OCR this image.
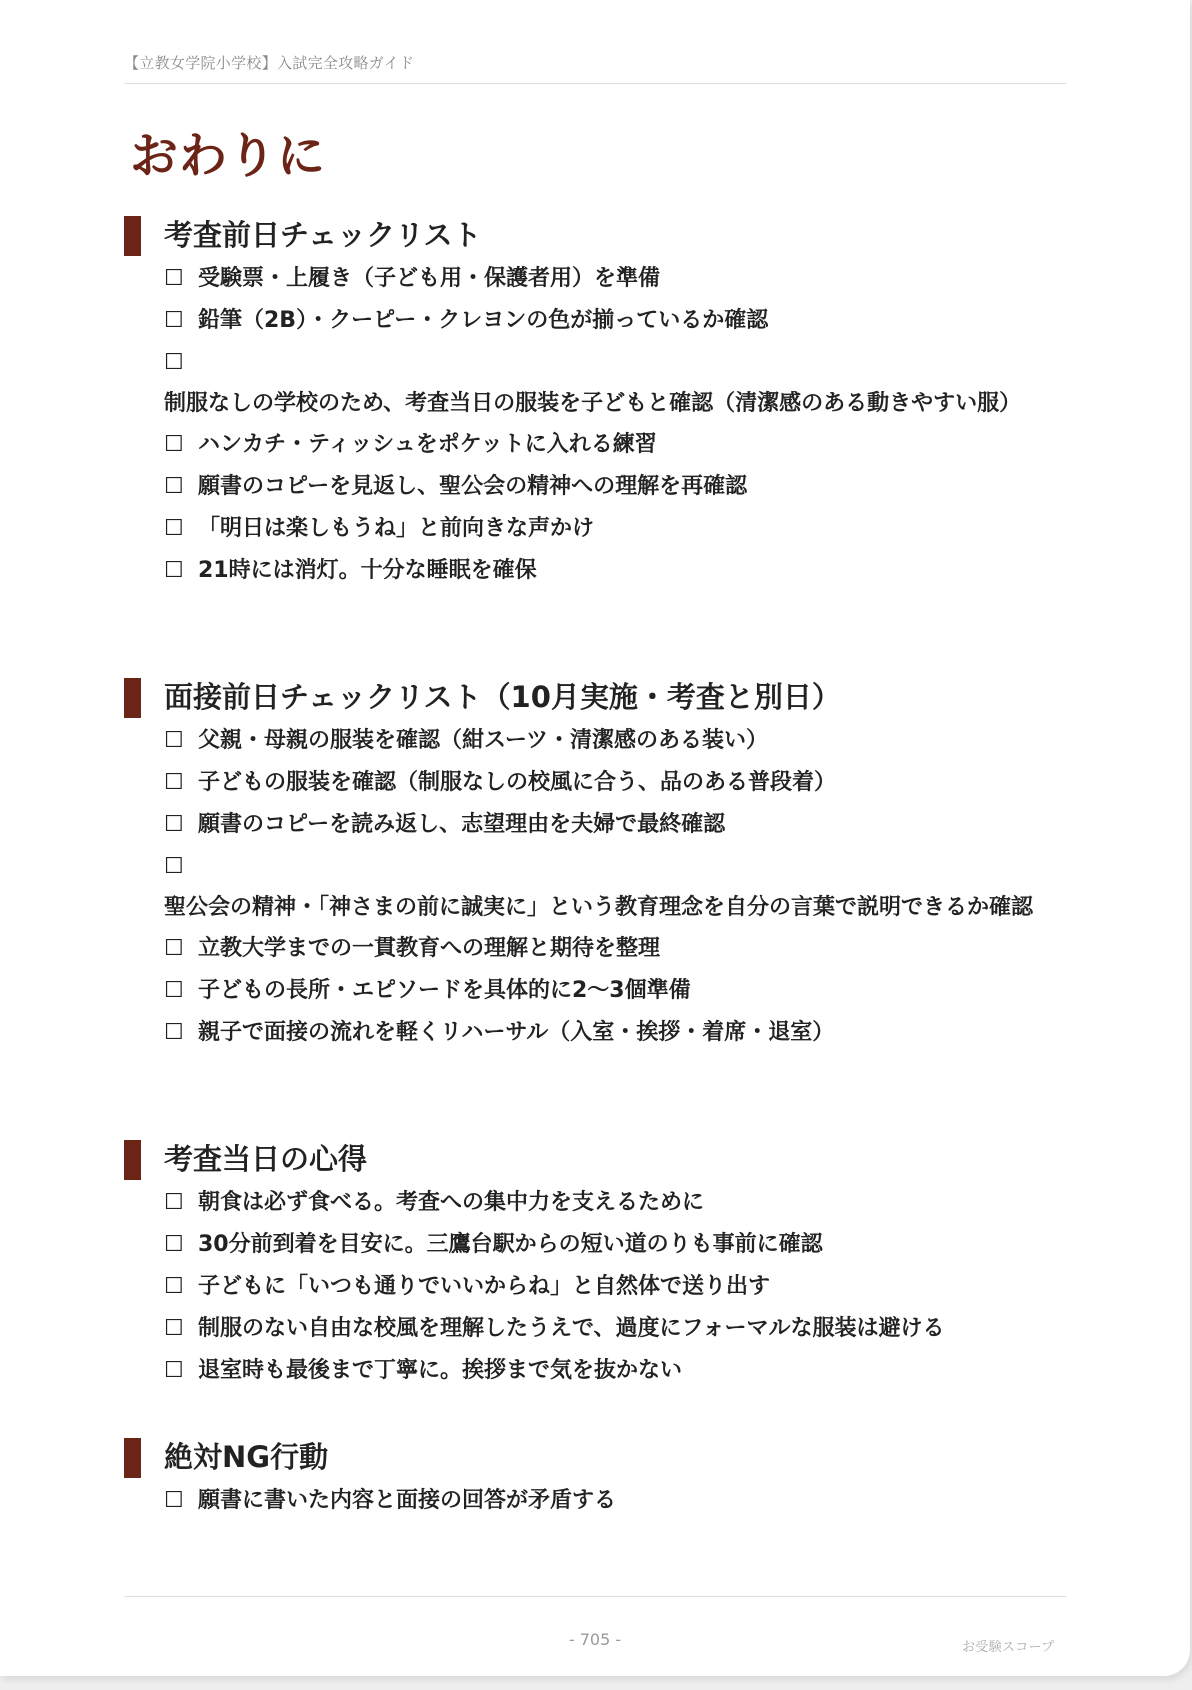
【立教女学院小学校】入試完全攻略ガイド
おわりに
考査前日チェックリスト
☐ 受験票・上履き（子ども用・保護者用）を準備
☐ 鉛筆（2B）・クーピー・クレヨンの色が揃っているか確認
☐
制服なしの学校のため、考査当日の服装を子どもと確認（清潔感のある動きやすい服）
☐ ハンカチ・ティッシュをポケットに入れる練習
☐ 願書のコピーを見返し、聖公会の精神への理解を再確認
☐ 「明日は楽しもうね」と前向きな声かけ
☐ 21時には消灯。十分な睡眠を確保
面接前日チェックリスト（10月実施・考査と別日）
☐ 父親・母親の服装を確認（紺スーツ・清潔感のある装い）
☐ 子どもの服装を確認（制服なしの校風に合う、品のある普段着）
☐ 願書のコピーを読み返し、志望理由を夫婦で最終確認
☐
聖公会の精神・「神さまの前に誠実に」という教育理念を自分の言葉で説明できるか確認
☐ 立教大学までの一貫教育への理解と期待を整理
☐ 子どもの長所・エピソードを具体的に2〜3個準備
☐ 親子で面接の流れを軽くリハーサル（入室・挨拶・着席・退室）
考査当日の心得
☐ 朝食は必ず食べる。考査への集中力を支えるために
☐ 30分前到着を目安に。三鷹台駅からの短い道のりも事前に確認
☐ 子どもに「いつも通りでいいからね」と自然体で送り出す
☐ 制服のない自由な校風を理解したうえで、過度にフォーマルな服装は避ける
☐ 退室時も最後まで丁寧に。挨拶まで気を抜かない
絶対NG行動
☐ 願書に書いた内容と面接の回答が矛盾する
- 705 -	お受験スコープ
